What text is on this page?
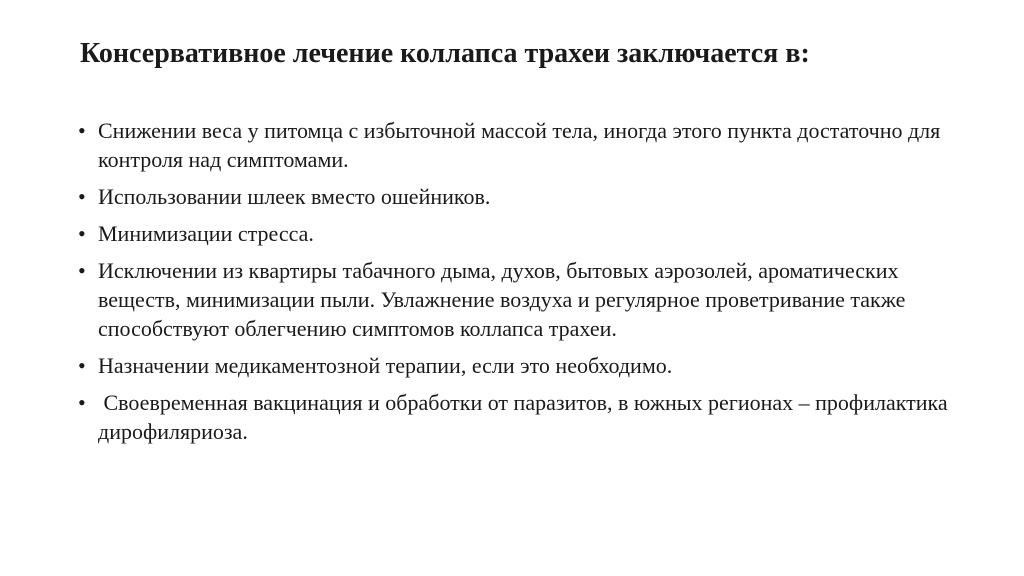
Консервативное лечение коллапса трахеи заключается в:
• Снижении веса у питомца с избыточной массой тела, иногда этого пункта достаточно для контроля над симптомами.
• Использовании шлеек вместо ошейников.
• Минимизации стресса.
• Исключении из квартиры табачного дыма, духов, бытовых аэрозолей, ароматических веществ, минимизации пыли. Увлажнение воздуха и регулярное проветривание также способствуют облегчению симптомов коллапса трахеи.
• Назначении медикаментозной терапии, если это необходимо.
• Своевременная вакцинация и обработки от паразитов, в южных регионах – профилактика дирофиляриоза.
